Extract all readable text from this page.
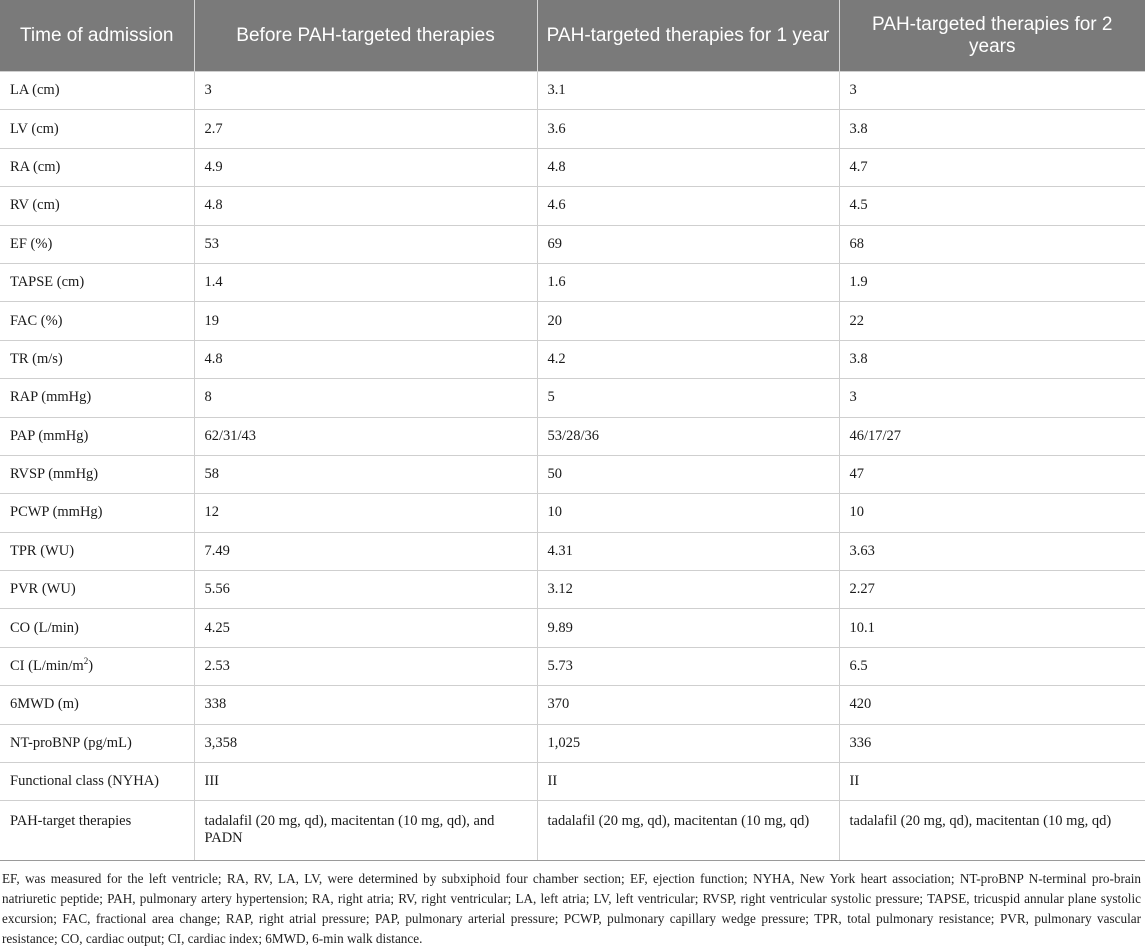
Time of admission	Before PAH-targeted therapies	PAH-targeted therapies for 1 year	PAH-targeted therapies for 2 years
LA (cm)	3	3.1	3
LV (cm)	2.7	3.6	3.8
RA (cm)	4.9	4.8	4.7
RV (cm)	4.8	4.6	4.5
EF (%)	53	69	68
TAPSE (cm)	1.4	1.6	1.9
FAC (%)	19	20	22
TR (m/s)	4.8	4.2	3.8
RAP (mmHg)	8	5	3
PAP (mmHg)	62/31/43	53/28/36	46/17/27
RVSP (mmHg)	58	50	47
PCWP (mmHg)	12	10	10
TPR (WU)	7.49	4.31	3.63
PVR (WU)	5.56	3.12	2.27
CO (L/min)	4.25	9.89	10.1
CI $(L/\min/m^2)$	2.53	5.73	6.5
6MWD (m)	338	370	420
NT-proBNP (pg/mL)	3,358	1,025	336
Functional class (NYHA)	III	II	II
PAH-target therapies	tadalafil (20 mg, qd), macitentan (10 mg, qd), and PADN	tadalafil (20 mg, qd), macitentan (10 mg, qd)	tadalafil (20 mg, qd), macitentan (10 mg, qd)

EF, was measured for the left ventricle; RA, RV, LA, LV, were determined by subxiphoid four chamber section; EF, ejection function; NYHA, New York heart association; NT-proBNP N-terminal pro-brain natriuretic peptide; PAH, pulmonary artery hypertension; RA, right atria; RV, right ventricular; LA, left atria; LV, left ventricular; RVSP, right ventricular systolic pressure; TAPSE, tricuspid annular plane systolic excursion; FAC, fractional area change; RAP, right atrial pressure; PAP, pulmonary arterial pressure; PCWP, pulmonary capillary wedge pressure; TPR, total pulmonary resistance; PVR, pulmonary vascular resistance; CO, cardiac output; CI, cardiac index; 6MWD, 6-min walk distance.
